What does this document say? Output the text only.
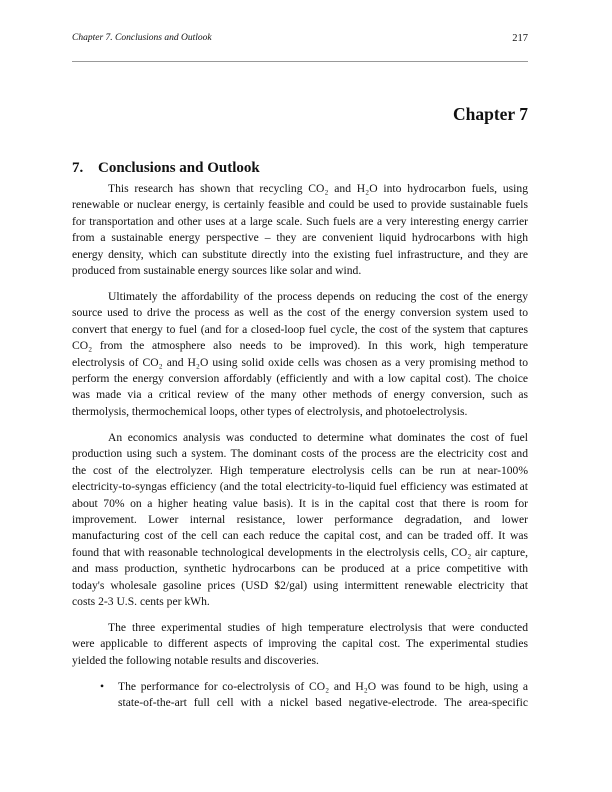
Chapter 7. Conclusions and Outlook	217
Chapter 7
7. Conclusions and Outlook
This research has shown that recycling CO₂ and H₂O into hydrocarbon fuels, using
renewable or nuclear energy, is certainly feasible and could be used to provide sustainable fuels
for transportation and other uses at a large scale. Such fuels are a very interesting energy carrier
from a sustainable energy perspective – they are convenient liquid hydrocarbons with high
energy density, which can substitute directly into the existing fuel infrastructure, and they are
produced from sustainable energy sources like solar and wind.
Ultimately the affordability of the process depends on reducing the cost of the energy
source used to drive the process as well as the cost of the energy conversion system used to
convert that energy to fuel (and for a closed-loop fuel cycle, the cost of the system that captures
CO₂ from the atmosphere also needs to be improved). In this work, high temperature
electrolysis of CO₂ and H₂O using solid oxide cells was chosen as a very promising method to
perform the energy conversion affordably (efficiently and with a low capital cost). The choice
was made via a critical review of the many other methods of energy conversion, such as
thermolysis, thermochemical loops, other types of electrolysis, and photoelectrolysis.
An economics analysis was conducted to determine what dominates the cost of fuel
production using such a system. The dominant costs of the process are the electricity cost and
the cost of the electrolyzer. High temperature electrolysis cells can be run at near-100%
electricity-to-syngas efficiency (and the total electricity-to-liquid fuel efficiency was estimated at
about 70% on a higher heating value basis). It is in the capital cost that there is room for
improvement. Lower internal resistance, lower performance degradation, and lower
manufacturing cost of the cell can each reduce the capital cost, and can be traded off. It was
found that with reasonable technological developments in the electrolysis cells, CO₂ air capture,
and mass production, synthetic hydrocarbons can be produced at a price competitive with
today's wholesale gasoline prices (USD $2/gal) using intermittent renewable electricity that
costs 2-3 U.S. cents per kWh.
The three experimental studies of high temperature electrolysis that were conducted
were applicable to different aspects of improving the capital cost. The experimental studies
yielded the following notable results and discoveries.
• The performance for co-electrolysis of CO₂ and H₂O was found to be high, using a
state-of-the-art full cell with a nickel based negative-electrode. The area-specific
